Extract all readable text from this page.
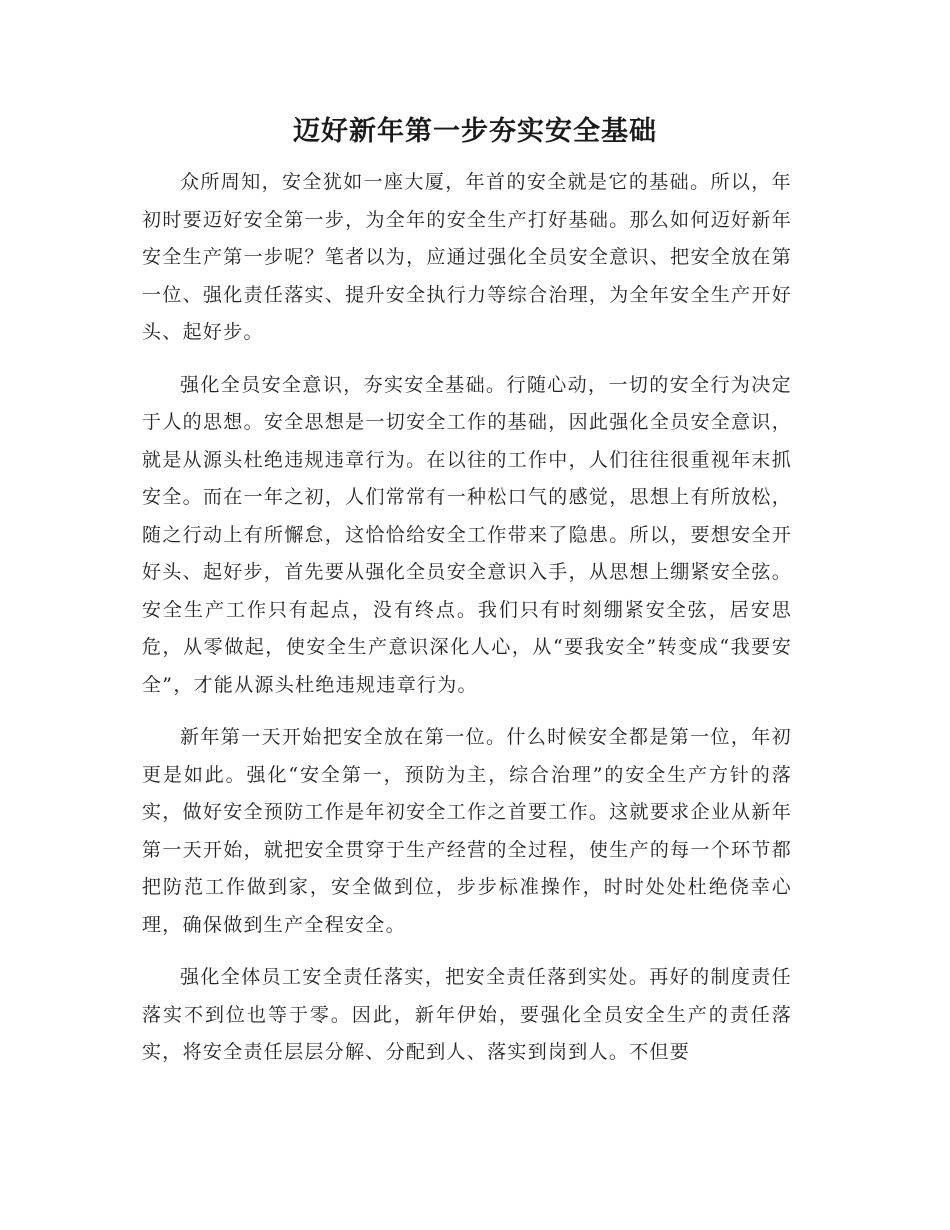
迈好新年第一步夯实安全基础

众所周知，安全犹如一座大厦，年首的安全就是它的基础。所以，年初时要迈好安全第一步，为全年的安全生产打好基础。那么如何迈好新年安全生产第一步呢？笔者以为，应通过强化全员安全意识、把安全放在第一位、强化责任落实、提升安全执行力等综合治理，为全年安全生产开好头、起好步。

强化全员安全意识，夯实安全基础。行随心动，一切的安全行为决定于人的思想。安全思想是一切安全工作的基础，因此强化全员安全意识，就是从源头杜绝违规违章行为。在以往的工作中，人们往往很重视年末抓安全。而在一年之初，人们常常有一种松口气的感觉，思想上有所放松，随之行动上有所懈怠，这恰恰给安全工作带来了隐患。所以，要想安全开好头、起好步，首先要从强化全员安全意识入手，从思想上绷紧安全弦。安全生产工作只有起点，没有终点。我们只有时刻绷紧安全弦，居安思危，从零做起，使安全生产意识深化人心，从“要我安全”转变成“我要安全”，才能从源头杜绝违规违章行为。

新年第一天开始把安全放在第一位。什么时候安全都是第一位，年初更是如此。强化“安全第一，预防为主，综合治理”的安全生产方针的落实，做好安全预防工作是年初安全工作之首要工作。这就要求企业从新年第一天开始，就把安全贯穿于生产经营的全过程，使生产的每一个环节都把防范工作做到家，安全做到位，步步标准操作，时时处处杜绝侥幸心理，确保做到生产全程安全。

强化全体员工安全责任落实，把安全责任落到实处。再好的制度责任落实不到位也等于零。因此，新年伊始，要强化全员安全生产的责任落实，将安全责任层层分解、分配到人、落实到岗到人。不但要
